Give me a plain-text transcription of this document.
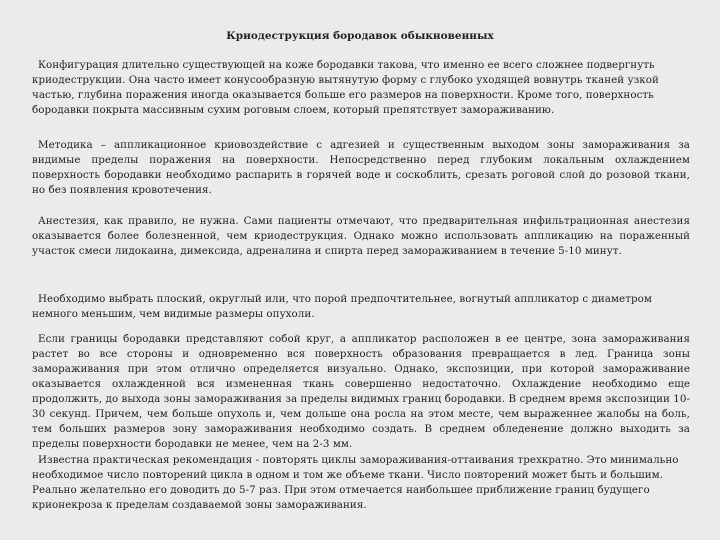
Криодеструкция бородавок обыкновенных

Конфигурация длительно существующей на коже бородавки такова, что именно ее всего сложнее подвергнуть криодеструкции. Она часто имеет конусообразную вытянутую форму с глубоко уходящей вовнутрь тканей узкой частью, глубина поражения иногда оказывается больше его размеров на поверхности. Кроме того, поверхность бородавки покрыта массивным сухим роговым слоем, который препятствует замораживанию.

Методика – аппликационное криовоздействие с адгезией и существенным выходом зоны замораживания за видимые пределы поражения на поверхности. Непосредственно перед глубоким локальным охлаждением поверхность бородавки необходимо распарить в горячей воде и соскоблить, срезать роговой слой до розовой ткани, но без появления кровотечения.

Анестезия, как правило, не нужна. Сами пациенты отмечают, что предварительная инфильтрационная анестезия оказывается более болезненной, чем криодеструкция. Однако можно использовать аппликацию на пораженный участок смеси лидокаина, димексида, адреналина и спирта перед замораживанием в течение 5-10 минут.

Необходимо выбрать плоский, округлый или, что порой предпочтительнее, вогнутый аппликатор с диаметром немного меньшим, чем видимые размеры опухоли.

Если границы бородавки представляют собой круг, а аппликатор расположен в ее центре, зона замораживания растет во все стороны и одновременно вся поверхность образования превращается в лед. Граница зоны замораживания при этом отлично определяется визуально. Однако, экспозиции, при которой замораживание оказывается охлажденной вся измененная ткань совершенно недостаточно. Охлаждение необходимо еще продолжить, до выхода зоны замораживания за пределы видимых границ бородавки. В среднем время экспозиции 10-30 секунд. Причем, чем больше опухоль и, чем дольше она росла на этом месте, чем выраженнее жалобы на боль, тем больших размеров зону замораживания необходимо создать. В среднем обледенение должно выходить за пределы поверхности бородавки не менее, чем на 2-3 мм.

Известна практическая рекомендация - повторять циклы замораживания-оттаивания трехкратно. Это минимально необходимое число повторений цикла в одном и том же объеме ткани. Число повторений может быть и большим. Реально желательно его доводить до 5-7 раз. При этом отмечается наибольшее приближение границ будущего крионекроза к пределам создаваемой зоны замораживания.
